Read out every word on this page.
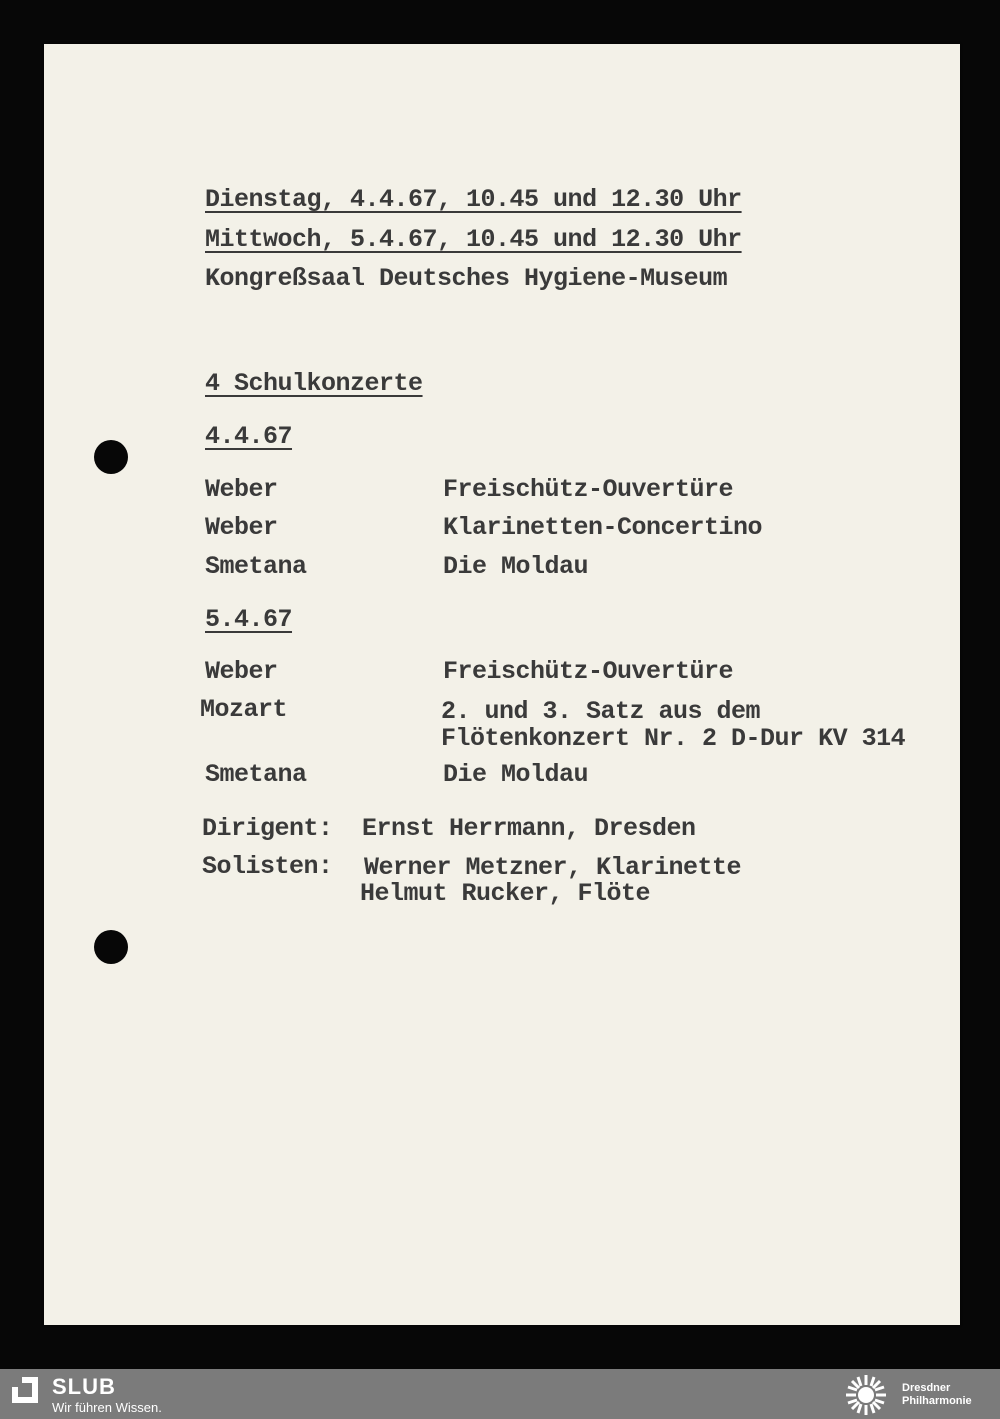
Dienstag, 4.4.67, 10.45 und 12.30 Uhr
Mittwoch, 5.4.67, 10.45 und 12.30 Uhr
Kongreßsaal Deutsches Hygiene-Museum
4 Schulkonzerte
4.4.67
Weber	Freischütz-Ouvertüre
Weber	Klarinetten-Concertino
Smetana	Die Moldau
5.4.67
Weber	Freischütz-Ouvertüre
Mozart	2. und 3. Satz aus dem
Flötenkonzert Nr. 2 D-Dur KV 314
Smetana	Die Moldau
Dirigent: Ernst Herrmann, Dresden
Solisten: Werner Metzner, Klarinette
Helmut Rucker, Flöte
SLUB
Wir führen Wissen.
Dresdner
Philharmonie
